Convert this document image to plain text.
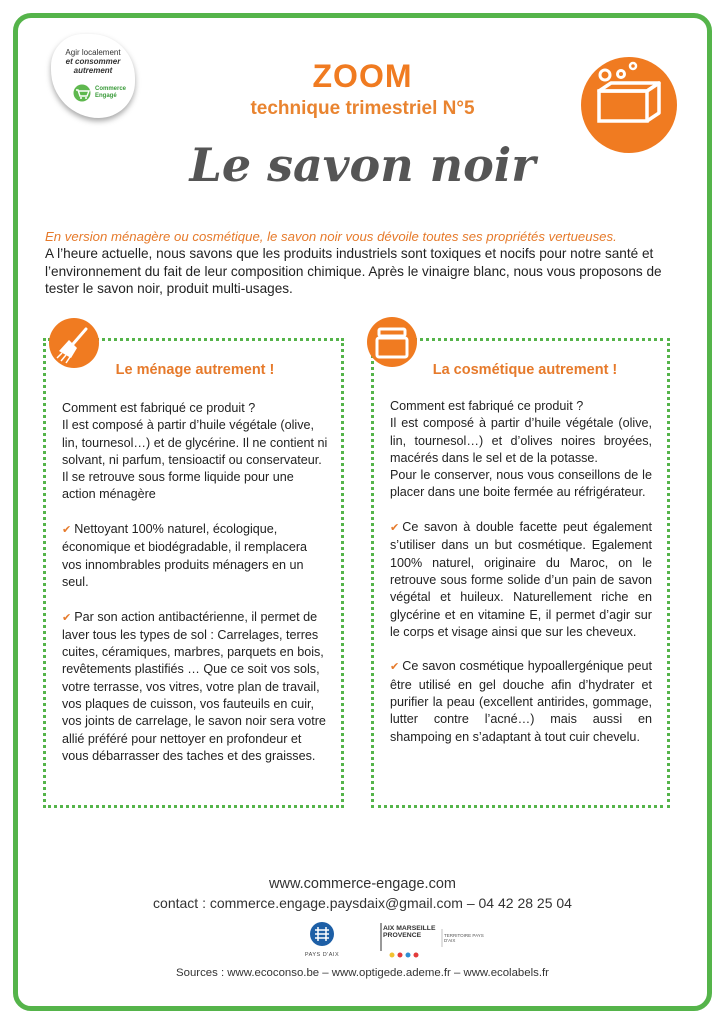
Agir localement
et consommer
autrement
Commerce Engagé
ZOOM
technique trimestriel N°5
Le savon noir
En version ménagère ou cosmétique, le savon noir vous dévoile toutes ses propriétés vertueuses.
A l’heure actuelle, nous savons que les produits industriels sont toxiques et nocifs pour notre santé et l’environnement du fait de leur composition chimique. Après le vinaigre blanc, nous vous proposons de tester le savon noir, produit multi-usages.
Le ménage autrement !
Comment est fabriqué ce produit ?

Il est composé à partir d’huile végétale (olive, lin, tournesol…) et de glycérine. Il ne contient ni solvant, ni parfum, tensioactif ou conservateur. Il se retrouve sous forme liquide pour une action ménagère

✔ Nettoyant 100% naturel, écologique, économique et biodégradable, il remplacera vos innombrables produits ménagers en un seul.

✔ Par son action antibactérienne, il permet de laver tous les types de sol : Carrelages, terres cuites, céramiques, marbres, parquets en bois, revêtements plastifiés … Que ce soit vos sols, votre terrasse, vos vitres, votre plan de travail, vos plaques de cuisson, vos fauteuils en cuir, vos joints de carrelage, le savon noir sera votre allié préféré pour nettoyer en profondeur et vous débarrasser des taches et des graisses.

La cosmétique autrement !
Comment est fabriqué ce produit ?
Il est composé à partir d’huile végétale (olive, lin, tournesol…) et d’olives noires broyées, macérés dans le sel et de la potasse.

Pour le conserver, nous vous conseillons de le placer dans une boite fermée au réfrigérateur.

✔ Ce savon à double facette peut également s’utiliser dans un but cosmétique. Egalement 100% naturel, originaire du Maroc, on le retrouve sous forme solide d’un pain de savon végétal et huileux. Naturellement riche en glycérine et en vitamine E, il permet d’agir sur le corps et visage ainsi que sur les cheveux.

✔ Ce savon cosmétique hypoallergénique peut être utilisé en gel douche afin d’hydrater et purifier la peau (excellent antirides, gommage, lutter contre l’acné…) mais aussi en shampoing en s’adaptant à tout cuir chevelu.

www.commerce-engage.com
contact : commerce.engage.paysdaix@gmail.com – 04 42 28 25 04
PAYS D'AIX
AIX MARSEILLE PROVENCE	TERRITOIRE PAYS D'AIX
Sources : www.ecoconso.be – www.optigede.ademe.fr – www.ecolabels.fr
